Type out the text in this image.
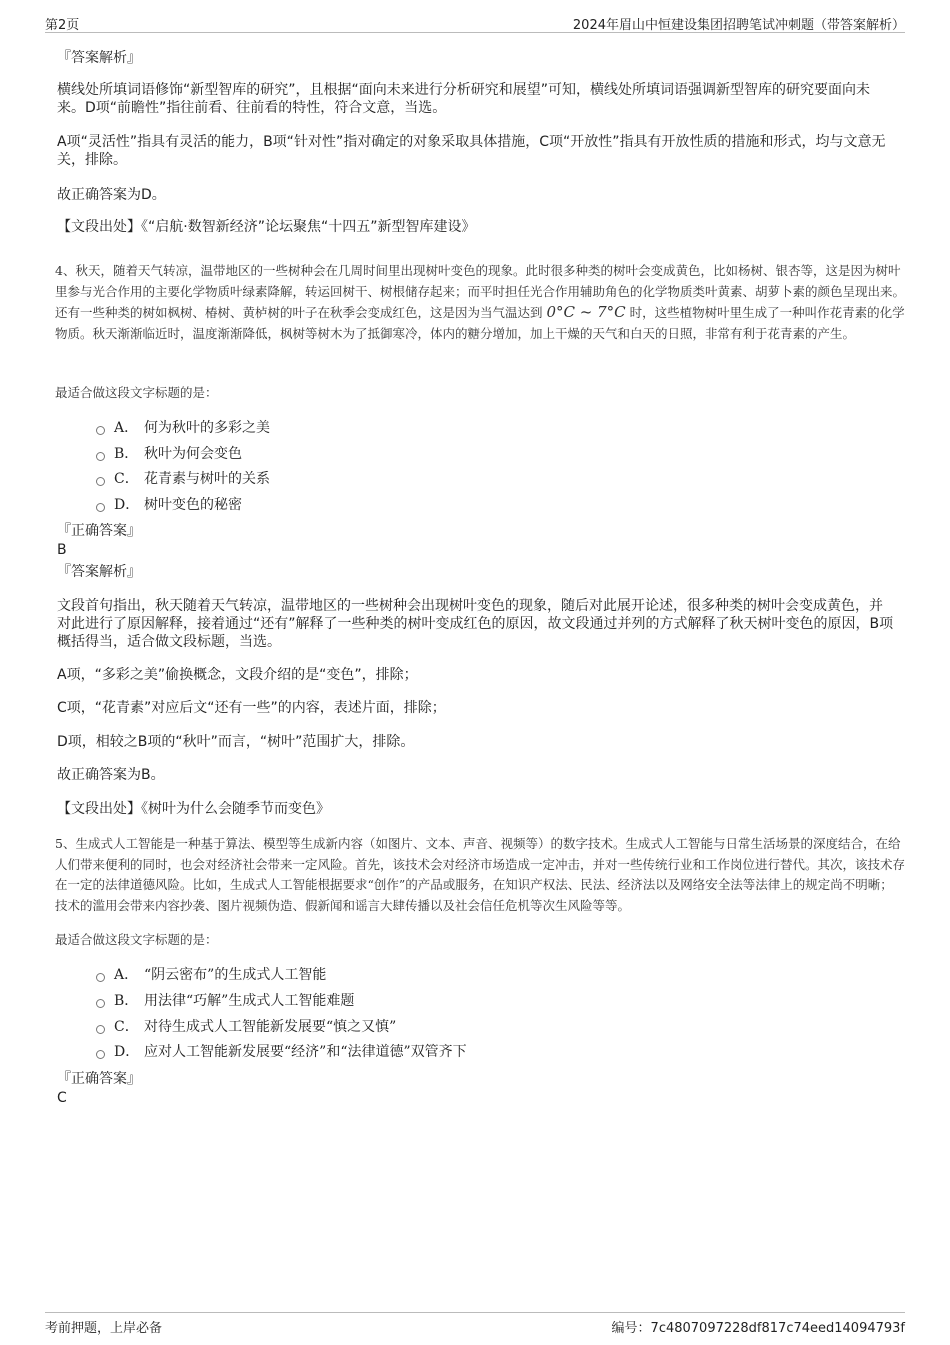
第2页	2024年眉山中恒建设集团招聘笔试冲刺题（带答案解析）
『答案解析』
横线处所填词语修饰“新型智库的研究”，且根据“面向未来进行分析研究和展望”可知，横线处所填词语强调新型智库的研究要面向未来。D项“前瞻性”指往前看、往前看的特性，符合文意，当选。
A项“灵活性”指具有灵活的能力，B项“针对性”指对确定的对象采取具体措施，C项“开放性”指具有开放性质的措施和形式，均与文意无关，排除。
故正确答案为D。
【文段出处】《“启航·数智新经济”论坛聚焦“十四五”新型智库建设》
4、秋天，随着天气转凉，温带地区的一些树种会在几周时间里出现树叶变色的现象。此时很多种类的树叶会变成黄色，比如杨树、银杏等，这是因为树叶里参与光合作用的主要化学物质叶绿素降解，转运回树干、树根储存起来；而平时担任光合作用辅助角色的化学物质类叶黄素、胡萝卜素的颜色呈现出来。还有一些种类的树如枫树、椿树、黄栌树的叶子在秋季会变成红色，这是因为当气温达到 0°C ~ 7°C 时，这些植物树叶里生成了一种叫作花青素的化学物质。秋天渐渐临近时，温度渐渐降低，枫树等树木为了抵御寒冷，体内的糖分增加，加上干燥的天气和白天的日照，非常有利于花青素的产生。
最适合做这段文字标题的是：
A． 何为秋叶的多彩之美
B． 秋叶为何会变色
C． 花青素与树叶的关系
D． 树叶变色的秘密
『正确答案』
B
『答案解析』
文段首句指出，秋天随着天气转凉，温带地区的一些树种会出现树叶变色的现象，随后对此展开论述，很多种类的树叶会变成黄色，并对此进行了原因解释，接着通过“还有”解释了一些种类的树叶变成红色的原因，故文段通过并列的方式解释了秋天树叶变色的原因，B项概括得当，适合做文段标题，当选。
A项，“多彩之美”偷换概念，文段介绍的是“变色”，排除；
C项，“花青素”对应后文“还有一些”的内容，表述片面，排除；
D项，相较之B项的“秋叶”而言，“树叶”范围扩大，排除。
故正确答案为B。
【文段出处】《树叶为什么会随季节而变色》
5、生成式人工智能是一种基于算法、模型等生成新内容（如图片、文本、声音、视频等）的数字技术。生成式人工智能与日常生活场景的深度结合，在给人们带来便利的同时，也会对经济社会带来一定风险。首先，该技术会对经济市场造成一定冲击，并对一些传统行业和工作岗位进行替代。其次，该技术存在一定的法律道德风险。比如，生成式人工智能根据要求“创作”的产品或服务，在知识产权法、民法、经济法以及网络安全法等法律上的规定尚不明晰；技术的滥用会带来内容抄袭、图片视频伪造、假新闻和谣言大肆传播以及社会信任危机等次生风险等等。
最适合做这段文字标题的是：
A． “阴云密布”的生成式人工智能
B． 用法律“巧解”生成式人工智能难题
C． 对待生成式人工智能新发展要“慎之又慎”
D． 应对人工智能新发展要“经济”和“法律道德”双管齐下
『正确答案』
C
考前押题，上岸必备	编号：7c4807097228df817c74eed14094793f
